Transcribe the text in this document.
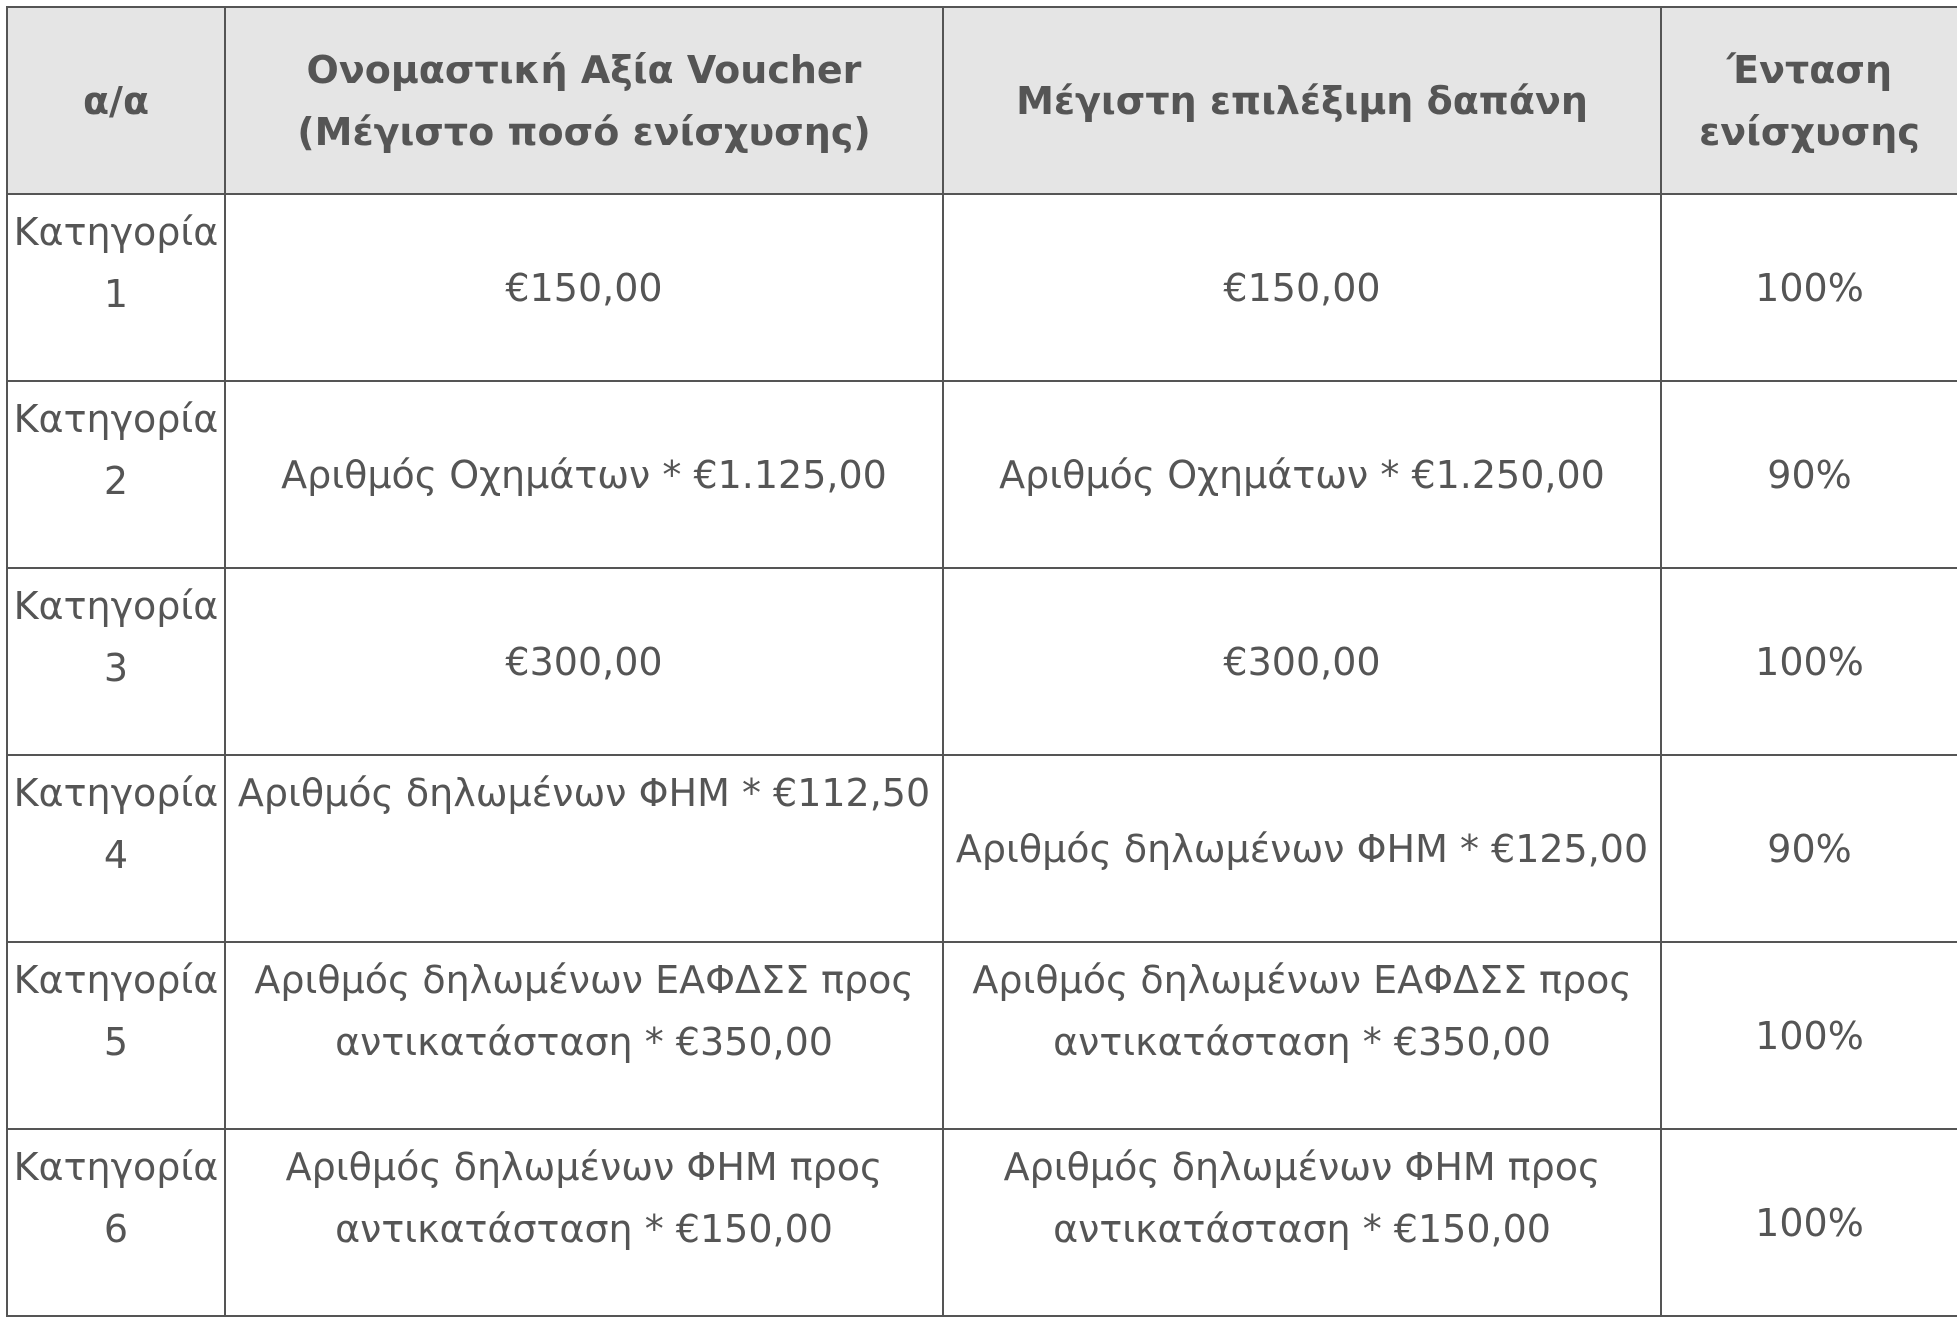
α/α	Ονομαστική Αξία Voucher (Μέγιστο ποσό ενίσχυσης)	Μέγιστη επιλέξιμη δαπάνη	Ένταση ενίσχυσης
Κατηγορία 1	€150,00	€150,00	100%
Κατηγορία 2	Αριθμός Οχημάτων * €1.125,00	Αριθμός Οχημάτων * €1.250,00	90%
Κατηγορία 3	€300,00	€300,00	100%
Κατηγορία 4	Αριθμός δηλωμένων ΦΗΜ * €112,50	Αριθμός δηλωμένων ΦΗΜ * €125,00	90%
Κατηγορία 5	Αριθμός δηλωμένων ΕΑΦΔΣΣ προς αντικατάσταση * €350,00	Αριθμός δηλωμένων ΕΑΦΔΣΣ προς αντικατάσταση * €350,00	100%
Κατηγορία 6	Αριθμός δηλωμένων ΦΗΜ προς αντικατάσταση * €150,00	Αριθμός δηλωμένων ΦΗΜ προς αντικατάσταση * €150,00	100%
